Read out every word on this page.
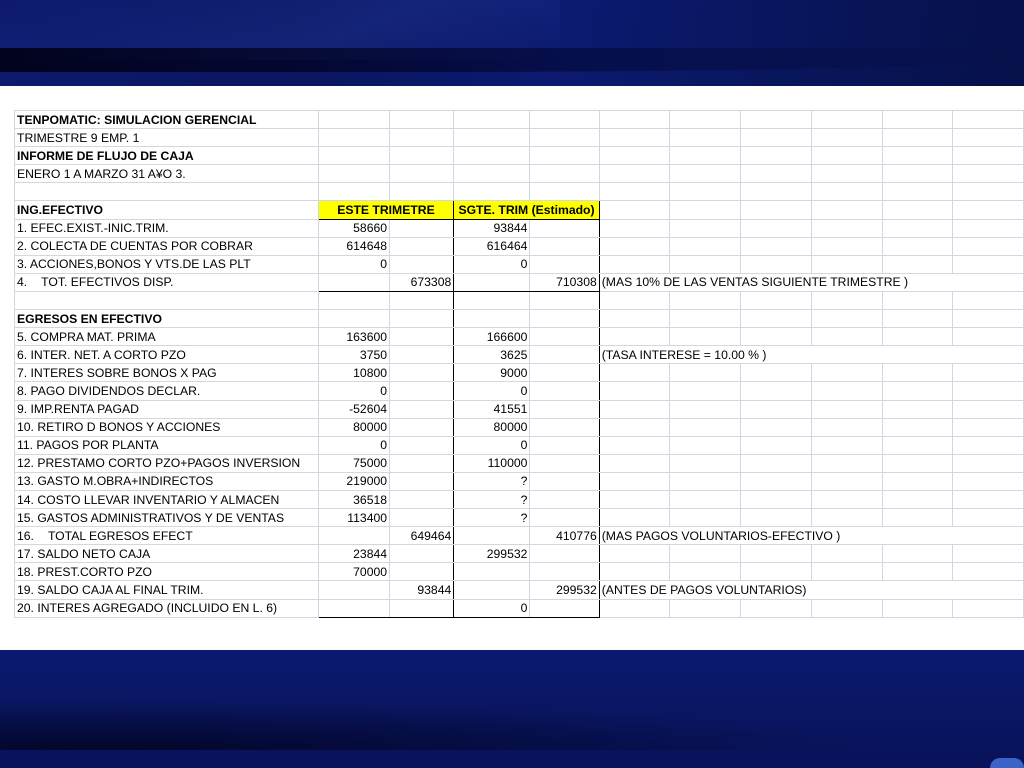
TENPOMATIC: SIMULACION GERENCIAL										
TRIMESTRE 9 EMP. 1										
INFORME DE FLUJO DE CAJA										
ENERO 1 A MARZO 31 A¥O 3.										

ING.EFECTIVO	ESTE TRIMETRE		SGTE. TRIM (Estimado)							
1. EFEC.EXIST.-INIC.TRIM.	58660		93844							
2. COLECTA DE CUENTAS POR COBRAR	614648		616464							
3. ACCIONES,BONOS Y VTS.DE LAS PLT	0		0							
4. TOT. EFECTIVOS DISP.		673308		710308	(MAS 10% DE LAS VENTAS SIGUIENTE TRIMESTRE )					

EGRESOS EN EFECTIVO										
5. COMPRA MAT. PRIMA	163600		166600							
6. INTER. NET. A CORTO PZO	3750		3625		(TASA INTERESE = 10.00 % )					
7. INTERES SOBRE BONOS X PAG	10800		9000							
8. PAGO DIVIDENDOS DECLAR.	0		0							
9. IMP.RENTA PAGAD	-52604		41551							
10. RETIRO D BONOS Y ACCIONES	80000		80000							
11. PAGOS POR PLANTA	0		0							
12. PRESTAMO CORTO PZO+PAGOS INVERSION	75000		110000							
13. GASTO M.OBRA+INDIRECTOS	219000		?							
14. COSTO LLEVAR INVENTARIO Y ALMACEN	36518		?							
15. GASTOS ADMINISTRATIVOS Y DE VENTAS	113400		?							
16. TOTAL EGRESOS EFECT		649464		410776	(MAS PAGOS VOLUNTARIOS-EFECTIVO )					
17. SALDO NETO CAJA	23844		299532							
18. PREST.CORTO PZO	70000									
19. SALDO CAJA AL FINAL TRIM.		93844		299532	(ANTES DE PAGOS VOLUNTARIOS)					
20. INTERES AGREGADO (INCLUIDO EN L. 6)			0							
